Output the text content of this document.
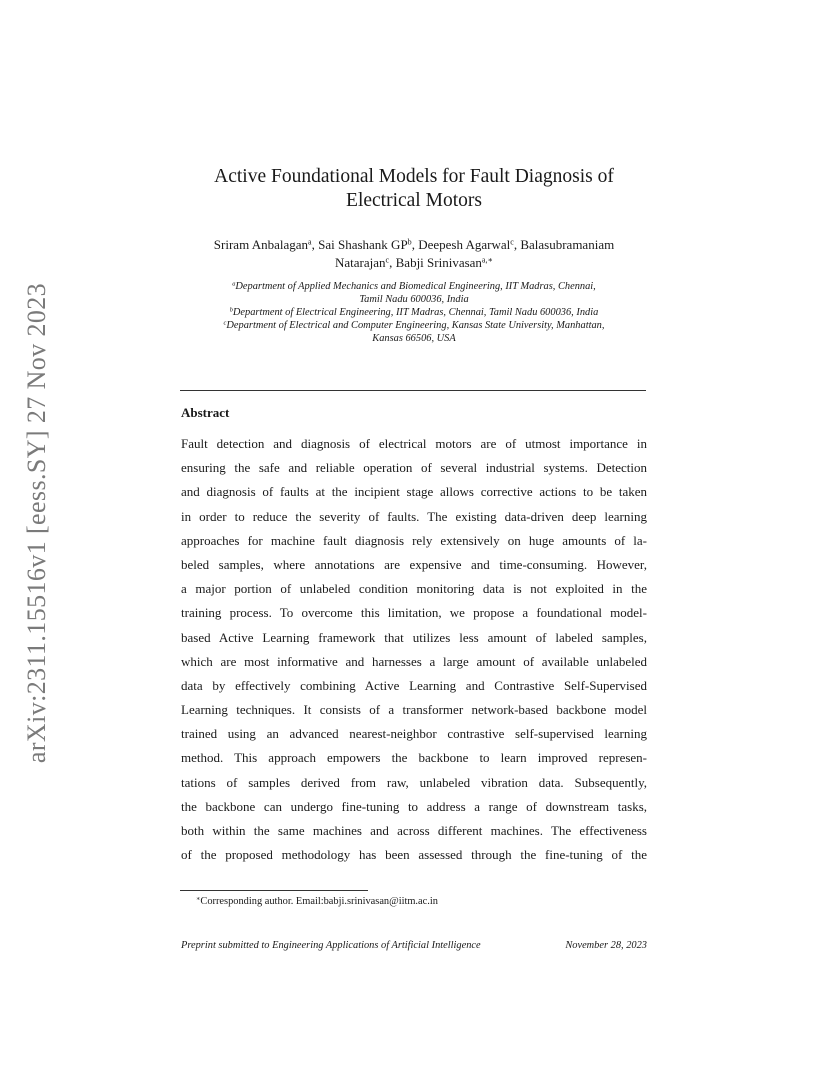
arXiv:2311.15516v1 [eess.SY] 27 Nov 2023
Active Foundational Models for Fault Diagnosis of
Electrical Motors
Sriram Anbalagan$^a$, Sai Shashank $GP^b$, Deepesh Agarwal$^c$, Balasubramaniam
Natarajan$^c$, Babji Srinivasan$^{a,∗}$
$^a$Department of Applied Mechanics and Biomedical Engineering, IIT Madras, Chennai,
Tamil Nadu 600036, India
$^b$Department of Electrical Engineering, IIT Madras, Chennai, Tamil Nadu 600036, India
$^c$Department of Electrical and Computer Engineering, Kansas State University, Manhattan,
Kansas 66506, USA
Abstract
Fault detection and diagnosis of electrical motors are of utmost importance in
ensuring the safe and reliable operation of several industrial systems. Detection
and diagnosis of faults at the incipient stage allows corrective actions to be taken
in order to reduce the severity of faults. The existing data-driven deep learning
approaches for machine fault diagnosis rely extensively on huge amounts of la-
beled samples, where annotations are expensive and time-consuming. However,
a major portion of unlabeled condition monitoring data is not exploited in the
training process. To overcome this limitation, we propose a foundational model-
based Active Learning framework that utilizes less amount of labeled samples,
which are most informative and harnesses a large amount of available unlabeled
data by effectively combining Active Learning and Contrastive Self-Supervised
Learning techniques. It consists of a transformer network-based backbone model
trained using an advanced nearest-neighbor contrastive self-supervised learning
method. This approach empowers the backbone to learn improved represen-
tations of samples derived from raw, unlabeled vibration data. Subsequently,
the backbone can undergo fine-tuning to address a range of downstream tasks,
both within the same machines and across different machines. The effectiveness
of the proposed methodology has been assessed through the fine-tuning of the
∗Corresponding author. Email:babji.srinivasan@iitm.ac.in
Preprint submitted to Engineering Applications of Artificial Intelligence	November 28, 2023
